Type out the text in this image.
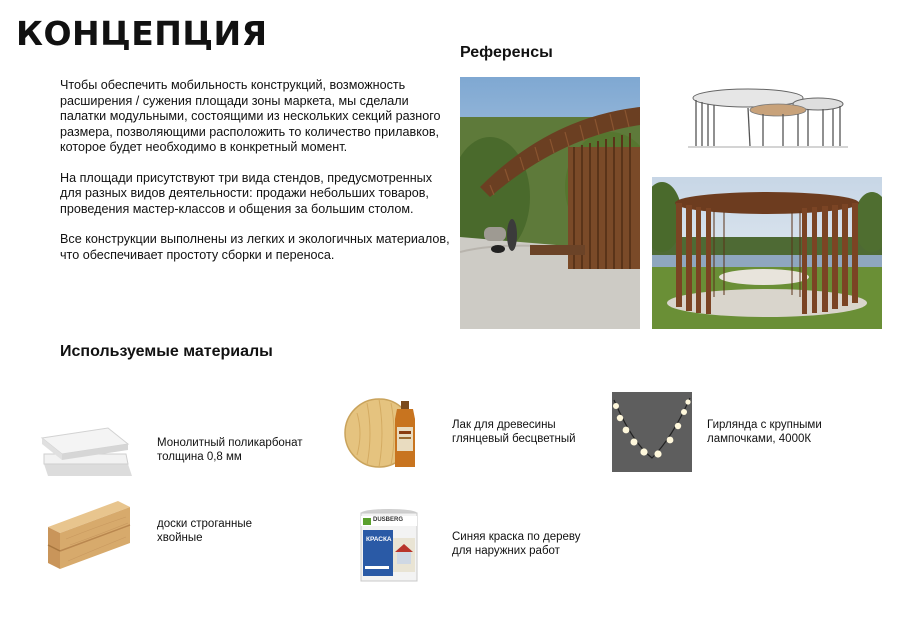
КОНЦЕПЦИЯ

Чтобы обеспечить мобильность конструкций, возможность расширения / сужения площади зоны маркета, мы сделали палатки модульными, состоящими из нескольких секций разного размера, позволяющими расположить то количество прилавков, которое будет необходимо в конкретный момент.

На площади присутствуют три вида стендов, предусмотренных для разных видов деятельности: продажи небольших товаров, проведения мастер-классов и общения за большим столом.

Все конструкции выполнены из легких и экологичных материалов, что обеспечивает простоту сборки и переноса.

Референсы
Используемые материалы
Монолитный поликарбонат
толщина 0,8 мм
доски строганные
хвойные
Лак для древесины
глянцевый бесцветный
DUSBERG
КРАСКА	Синяя краска по дереву
для наружних работ
Гирлянда с крупными
лампочками, 4000К
